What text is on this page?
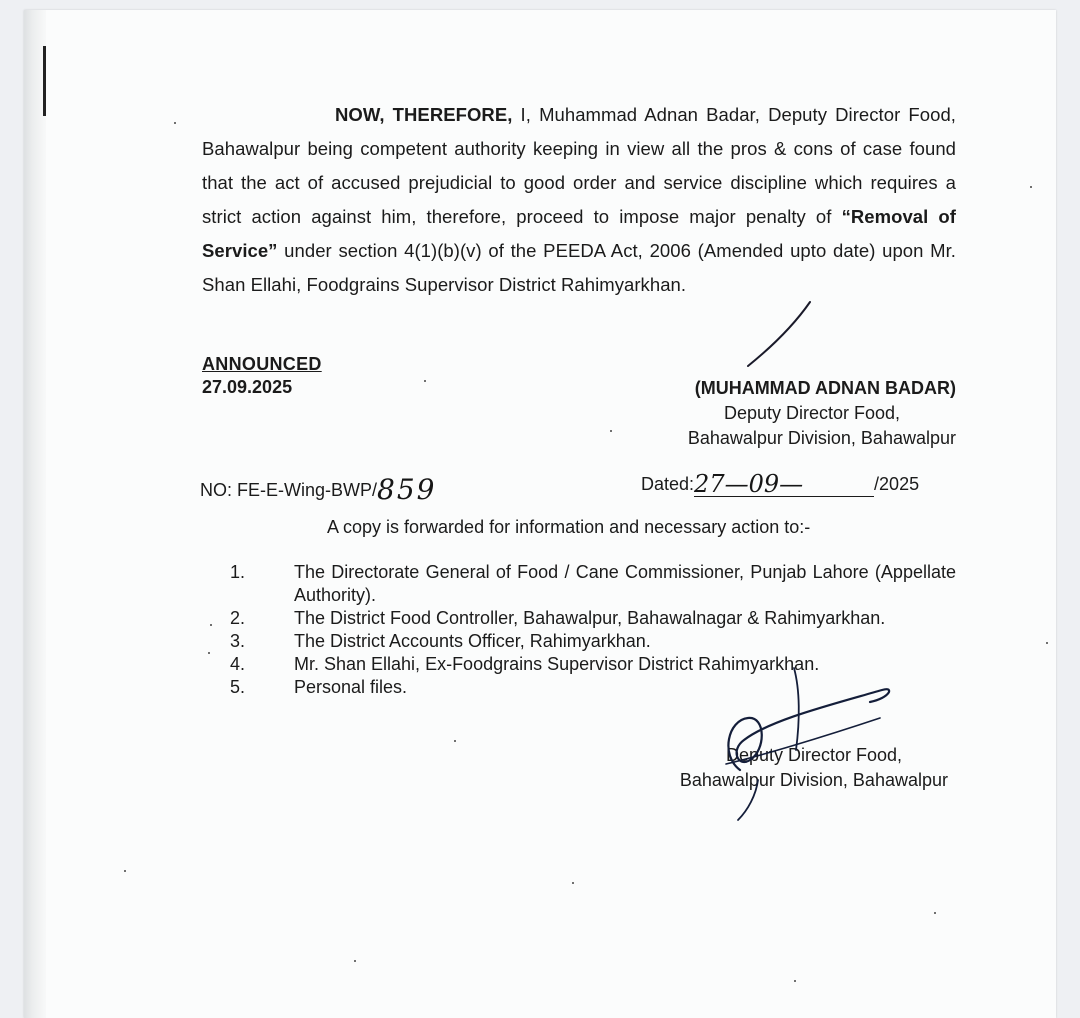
NOW, THEREFORE, I, Muhammad Adnan Badar, Deputy Director Food, Bahawalpur being competent authority keeping in view all the pros & cons of case found that the act of accused prejudicial to good order and service discipline which requires a strict action against him, therefore, proceed to impose major penalty of “Removal of Service” under section 4(1)(b)(v) of the PEEDA Act, 2006 (Amended upto date) upon Mr. Shan Ellahi, Foodgrains Supervisor District Rahimyarkhan.
ANNOUNCED
27.09.2025	(MUHAMMAD ADNAN BADAR)
Deputy Director Food,
Bahawalpur Division, Bahawalpur
NO: FE-E-Wing-BWP/859	Dated:27—09—	/2025
A copy is forwarded for information and necessary action to:-
1.	The Directorate General of Food / Cane Commissioner, Punjab Lahore (Appellate Authority).
2.	The District Food Controller, Bahawalpur, Bahawalnagar & Rahimyarkhan.
3.	The District Accounts Officer, Rahimyarkhan.
4.	Mr. Shan Ellahi, Ex-Foodgrains Supervisor District Rahimyarkhan.
5.	Personal files.
Deputy Director Food,
Bahawalpur Division, Bahawalpur
